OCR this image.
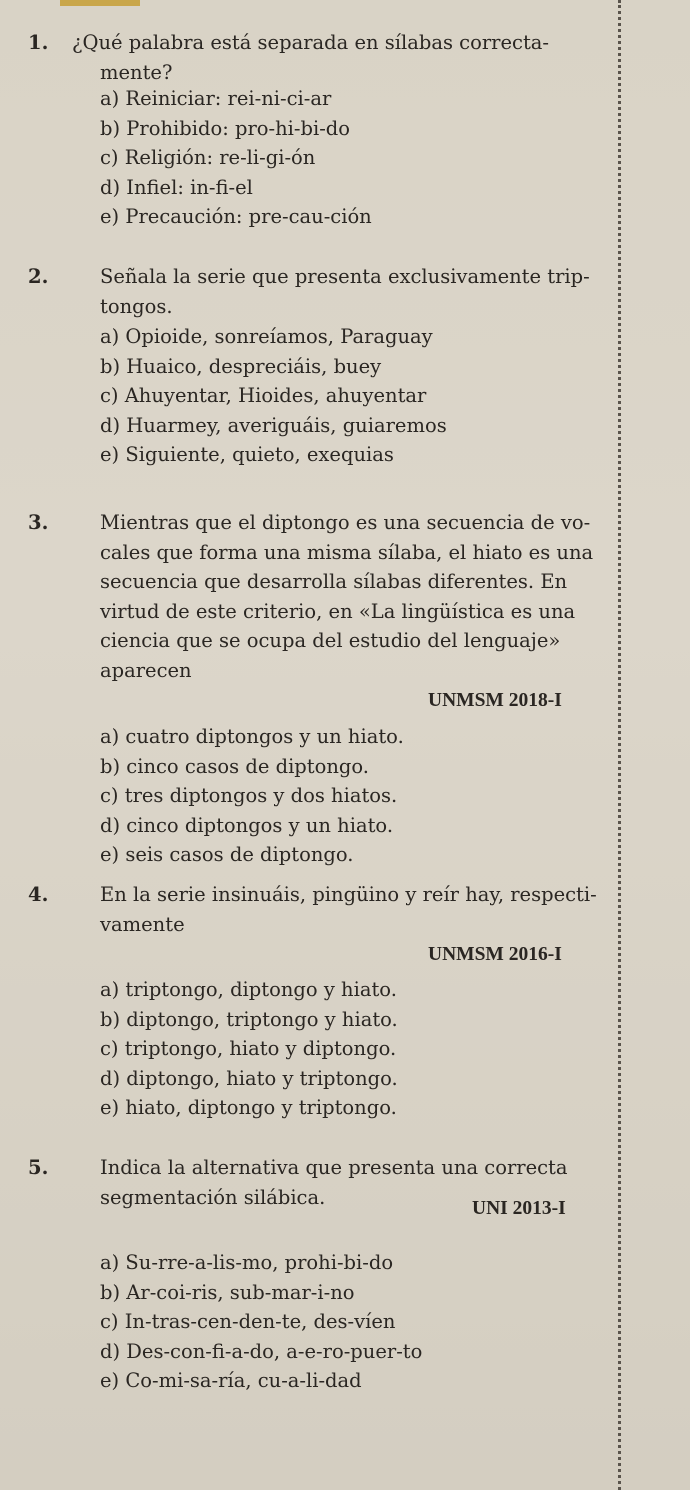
1. ¿Qué palabra está separada en sílabas correcta-
mente?
a) Reiniciar: rei-ni-ci-ar
b) Prohibido: pro-hi-bi-do
c) Religión: re-li-gi-ón
d) Infiel: in-fi-el
e) Precaución: pre-cau-ción
2.	Señala la serie que presenta exclusivamente trip-
tongos.
a) Opioide, sonreíamos, Paraguay
b) Huaico, despreciáis, buey
c) Ahuyentar, Hioides, ahuyentar
d) Huarmey, averiguáis, guiaremos
e) Siguiente, quieto, exequias
3.	Mientras que el diptongo es una secuencia de vo-
cales que forma una misma sílaba, el hiato es una
secuencia que desarrolla sílabas diferentes. En
virtud de este criterio, en «La lingüística es una
ciencia que se ocupa del estudio del lenguaje»
aparecen
UNMSM 2018-I
a) cuatro diptongos y un hiato.
b) cinco casos de diptongo.
c) tres diptongos y dos hiatos.
d) cinco diptongos y un hiato.
e) seis casos de diptongo.
4.	En la serie insinuáis, pingüino y reír hay, respecti-
vamente
UNMSM 2016-I
a) triptongo, diptongo y hiato.
b) diptongo, triptongo y hiato.
c) triptongo, hiato y diptongo.
d) diptongo, hiato y triptongo.
e) hiato, diptongo y triptongo.
5.	Indica la alternativa que presenta una correcta
segmentación silábica.	UNI 2013-I
a) Su-rre-a-lis-mo, prohi-bi-do
b) Ar-coi-ris, sub-mar-i-no
c) In-tras-cen-den-te, des-víen
d) Des-con-fi-a-do, a-e-ro-puer-to
e) Co-mi-sa-ría, cu-a-li-dad
